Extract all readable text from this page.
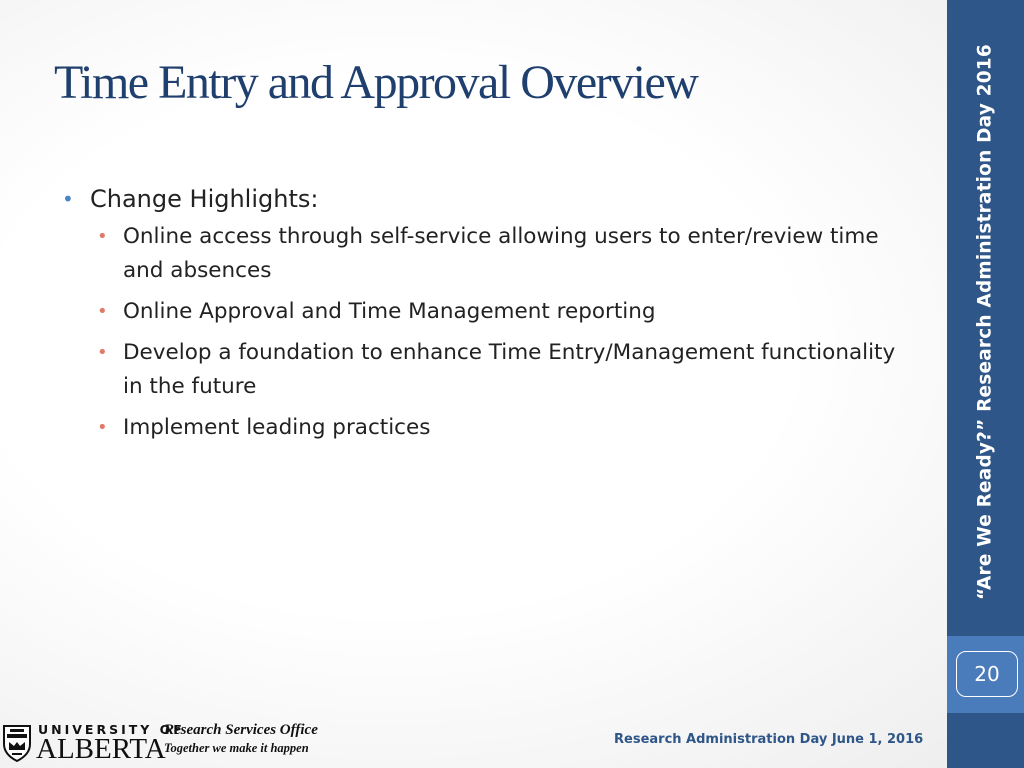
Time Entry and Approval Overview
• Change Highlights:
• Online access through self-service allowing users to enter/review time and absences
• Online Approval and Time Management reporting
• Develop a foundation to enhance Time Entry/Management functionality in the future
• Implement leading practices	“Are We Ready?” Research Administration Day 2016
20
UNIVERSITY OF
ALBERTA
Research Services Office
Together we make it happen
Research Administration Day June 1, 2016
